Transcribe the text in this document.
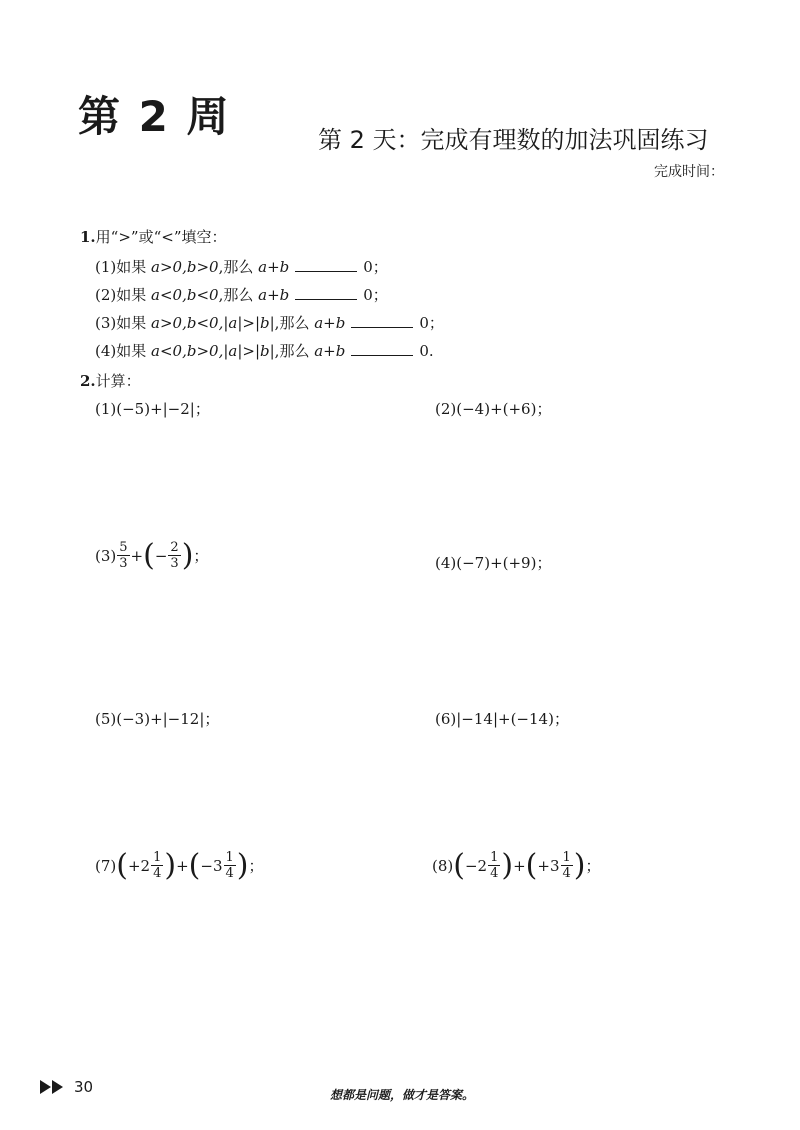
第 2 周	第 2 天：完成有理数的加法巩固练习
完成时间：
1.用“>”或“<”填空：
(1)如果 a>0,b>0,那么 a+b	0；
(2)如果 a<0,b<0,那么 a+b	0；
(3)如果 a>0,b<0,|a|>|b|,那么 a+b	0；
(4)如果 a<0,b>0,|a|>|b|,那么 a+b	0.
2.计算：
(1)(−5)+|−2|；	(2)(−4)+(+6)；
$(3) \frac{5}{3}$ + ( − $\frac{2}{3}$ ) ；	(4)(−7)+(+9)；
(5)(−3)+|−12|；	(6)|−14|+(−14)；
(7) ( $+2 \frac{1}{4}$ ) + ( $-3 \frac{1}{4}$ ) ；	(8) ( $-2 \frac{1}{4}$ ) + ( $+3 \frac{1}{4}$ ) ；
30	想都是问题，做才是答案。
